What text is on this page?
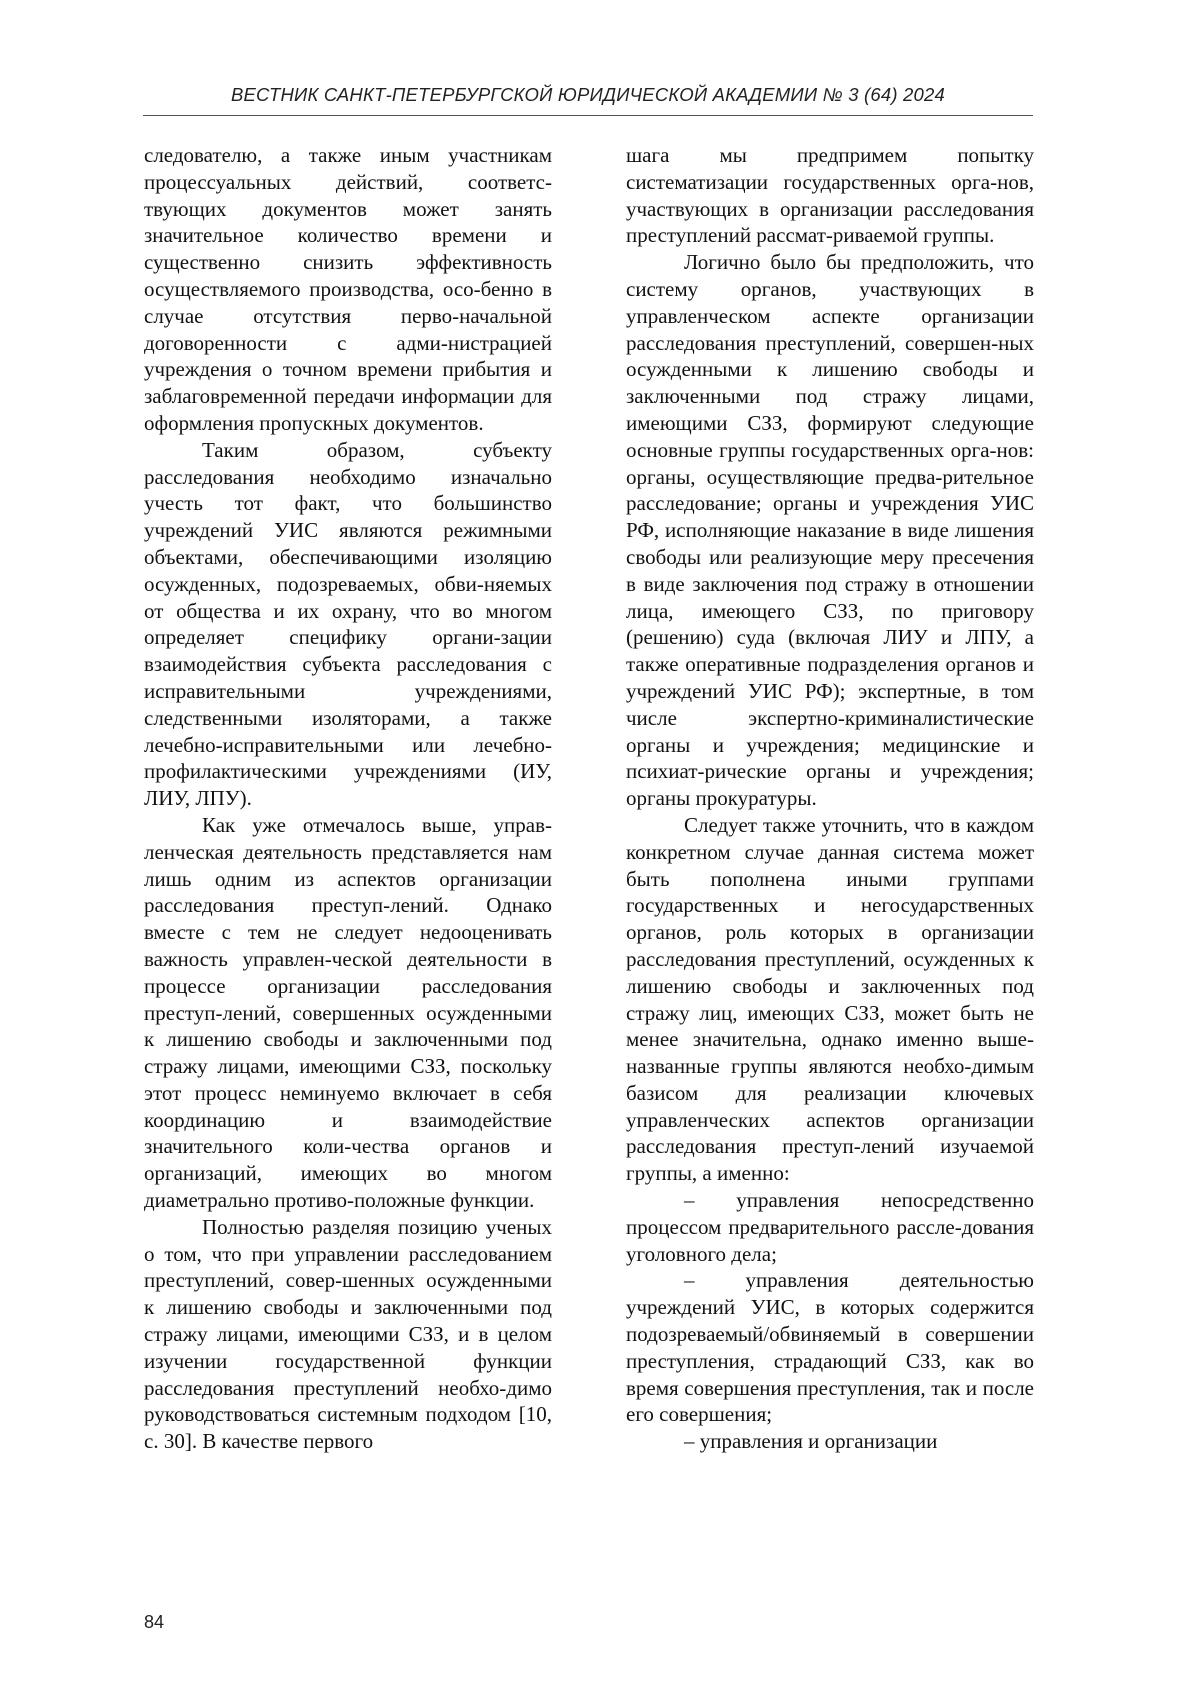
ВЕСТНИК САНКТ-ПЕТЕРБУРГСКОЙ ЮРИДИЧЕСКОЙ АКАДЕМИИ № 3 (64) 2024

следователю, а также иным участникам процессуальных действий, соответс-твующих документов может занять значительное количество времени и существенно снизить эффективность осуществляемого производства, осо-бенно в случае отсутствия перво-начальной договоренности с адми-нистрацией учреждения о точном времени прибытия и заблаговременной передачи информации для оформления пропускных документов.

Таким образом, субъекту расследования необходимо изначально учесть тот факт, что большинство учреждений УИС являются режимными объектами, обеспечивающими изоляцию осужденных, подозреваемых, обви-няемых от общества и их охрану, что во многом определяет специфику органи-зации взаимодействия субъекта расследования с исправительными учреждениями, следственными изоляторами, а также лечебно-исправительными или лечебно-профилактическими учреждениями (ИУ, ЛИУ, ЛПУ).

Как уже отмечалось выше, управ-ленческая деятельность представляется нам лишь одним из аспектов организации расследования преступ-лений. Однако вместе с тем не следует недооценивать важность управлен-ческой деятельности в процессе организации расследования преступ-лений, совершенных осужденными к лишению свободы и заключенными под стражу лицами, имеющими СЗЗ, поскольку этот процесс неминуемо включает в себя координацию и взаимодействие значительного коли-чества органов и организаций, имеющих во многом диаметрально противо-положные функции.

Полностью разделяя позицию ученых о том, что при управлении расследованием преступлений, совер-шенных осужденными к лишению свободы и заключенными под стражу лицами, имеющими СЗЗ, и в целом изучении государственной функции расследования преступлений необхо-димо руководствоваться системным подходом [10, с. 30]. В качестве первого

шага мы предпримем попытку систематизации государственных орга-нов, участвующих в организации расследования преступлений рассмат-риваемой группы.

Логично было бы предположить, что систему органов, участвующих в управленческом аспекте организации расследования преступлений, совершен-ных осужденными к лишению свободы и заключенными под стражу лицами, имеющими СЗЗ, формируют следующие основные группы государственных орга-нов: органы, осуществляющие предва-рительное расследование; органы и учреждения УИС РФ, исполняющие наказание в виде лишения свободы или реализующие меру пресечения в виде заключения под стражу в отношении лица, имеющего СЗЗ, по приговору (решению) суда (включая ЛИУ и ЛПУ, а также оперативные подразделения органов и учреждений УИС РФ); экспертные, в том числе экспертно-криминалистические органы и учреждения; медицинские и психиат-рические органы и учреждения; органы прокуратуры.

Следует также уточнить, что в каждом конкретном случае данная система может быть пополнена иными группами государственных и негосударственных органов, роль которых в организации расследования преступлений, осужденных к лишению свободы и заключенных под стражу лиц, имеющих СЗЗ, может быть не менее значительна, однако именно выше-названные группы являются необхо-димым базисом для реализации ключевых управленческих аспектов организации расследования преступ-лений изучаемой группы, а именно:

– управления непосредственно процессом предварительного рассле-дования уголовного дела;

– управления деятельностью учреждений УИС, в которых содержится подозреваемый/обвиняемый в совершении преступления, страдающий СЗЗ, как во время совершения преступления, так и после его совершения;

– управления и организации

84
